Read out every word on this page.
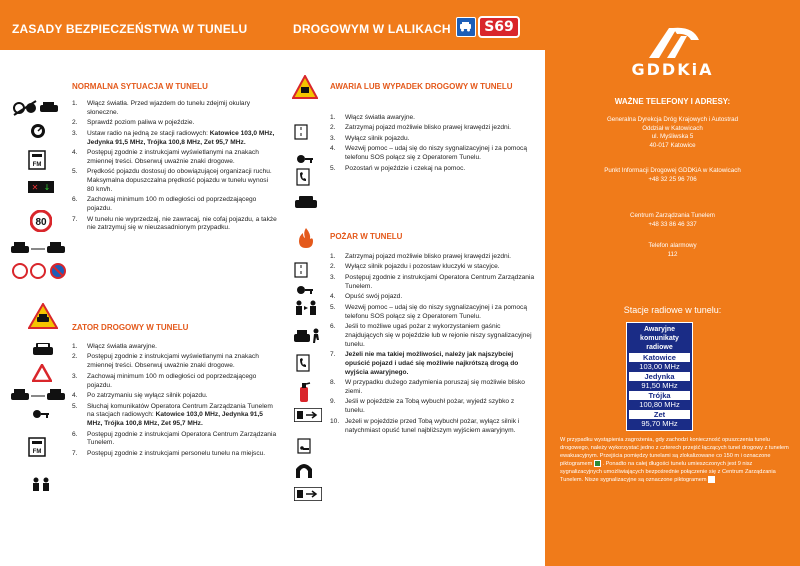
ZASADY BEZPIECZEŃSTWA W TUNELU	DROGOWYM W LALIKACH	S69
GDDKiA
WAŻNE TELEFONY I ADRESY:
Generalna Dyrekcja Dróg Krajowych i Autostrad
Oddział w Katowicach
ul. Myśliwska 5
40-017 Katowice
Punkt Informacji Drogowej GDDKiA w Katowicach
+48 32 25 96 706
Centrum Zarządzania Tunelem
+48 33 86 46 337
Telefon alarmowy
112
Stacje radiowe w tunelu:
Awaryjne
komunikaty
radiowe
Katowice
103,00 MHz
Jedynka
91,50 MHz
Trójka
100,80 MHz
Zet
95,70 MHz
W przypadku wystąpienia zagrożenia, gdy zachodzi konieczność opuszczenia tunelu drogowego, należy wykorzystać jedno z czterech przejść łączących tunel drogowy z tunelem ewakuacyjnym. Przejścia pomiędzy tunelami są zlokalizowane co 150 m i oznaczone piktogramem . Ponadto na całej długości tunelu umieszczonych jest 9 nisz sygnalizacyjnych umożliwiających bezpośrednie połączenie się z Centrum Zarządzania Tunelem. Nisze sygnalizacyjne są oznaczone piktogramem
NORMALNA SYTUACJA W TUNELU
1.	Włącz światła. Przed wjazdem do tunelu zdejmij okulary słoneczne.
2.	Sprawdź poziom paliwa w pojeździe.
3.	Ustaw radio na jedną ze stacji radiowych: Katowice 103,0 MHz, Jedynka 91,5 MHz, Trójka 100,8 MHz, Zet 95,7 MHz.
4.	Postępuj zgodnie z instrukcjami wyświetlanymi na znakach zmiennej treści. Obserwuj uważnie znaki drogowe.
5.	Prędkość pojazdu dostosuj do obowiązującej organizacji ruchu. Maksymalna dopuszczalna prędkość pojazdu w tunelu wynosi 80 km/h.
6.	Zachowaj minimum 100 m odległości od poprzedzającego pojazdu.
7.	W tunelu nie wyprzedzaj, nie zawracaj, nie cofaj pojazdu, a także nie zatrzymuj się w nieuzasadnionym przypadku.
FM
✕ ↓
80
ZATOR DROGOWY W TUNELU
1.	Włącz światła awaryjne.
2.	Postępuj zgodnie z instrukcjami wyświetlanymi na znakach zmiennej treści. Obserwuj uważnie znaki drogowe.
3.	Zachowaj minimum 100 m odległości od poprzedzającego pojazdu.
4.	Po zatrzymaniu się wyłącz silnik pojazdu.
5.	Słuchaj komunikatów Operatora Centrum Zarządzania Tunelem na stacjach radiowych: Katowice 103,0 MHz, Jedynka 91,5 MHz, Trójka 100,8 MHz, Zet 95,7 MHz.
6.	Postępuj zgodnie z instrukcjami Operatora Centrum Zarządzania Tunelem.
7.	Postępuj zgodnie z instrukcjami personelu tunelu na miejscu.
FM
AWARIA LUB WYPADEK DROGOWY W TUNELU
1.	Włącz światła awaryjne.
2.	Zatrzymaj pojazd możliwie blisko prawej krawędzi jezdni.
3.	Wyłącz silnik pojazdu.
4.	Wezwij pomoc – udaj się do niszy sygnalizacyjnej i za pomocą telefonu SOS połącz się z Operatorem Tunelu.
5.	Pozostań w pojeździe i czekaj na pomoc.
POŻAR W TUNELU
1.	Zatrzymaj pojazd możliwie blisko prawej krawędzi jezdni.
2.	Wyłącz silnik pojazdu i pozostaw kluczyki w stacyjce.
3.	Postępuj zgodnie z instrukcjami Operatora Centrum Zarządzania Tunelem.
4.	Opuść swój pojazd.
5.	Wezwij pomoc – udaj się do niszy sygnalizacyjnej i za pomocą telefonu SOS połącz się z Operatorem Tunelu.
6.	Jeśli to możliwe ugaś pożar z wykorzystaniem gaśnic znajdujących się w pojeździe lub w rejonie niszy sygnalizacyjnej tunelu.
7.	Jeżeli nie ma takiej możliwości, należy jak najszybciej opuścić pojazd i udać się możliwie najkrótszą drogą do wyjścia awaryjnego.
8.	W przypadku dużego zadymienia poruszaj się możliwie blisko ziemi.
9.	Jeśli w pojeździe za Tobą wybuchł pożar, wyjedź szybko z tunelu.
10. Jeżeli w pojeździe przed Tobą wybuchł pożar, wyłącz silnik i natychmiast opuść tunel najbliższym wyjściem awaryjnym.
